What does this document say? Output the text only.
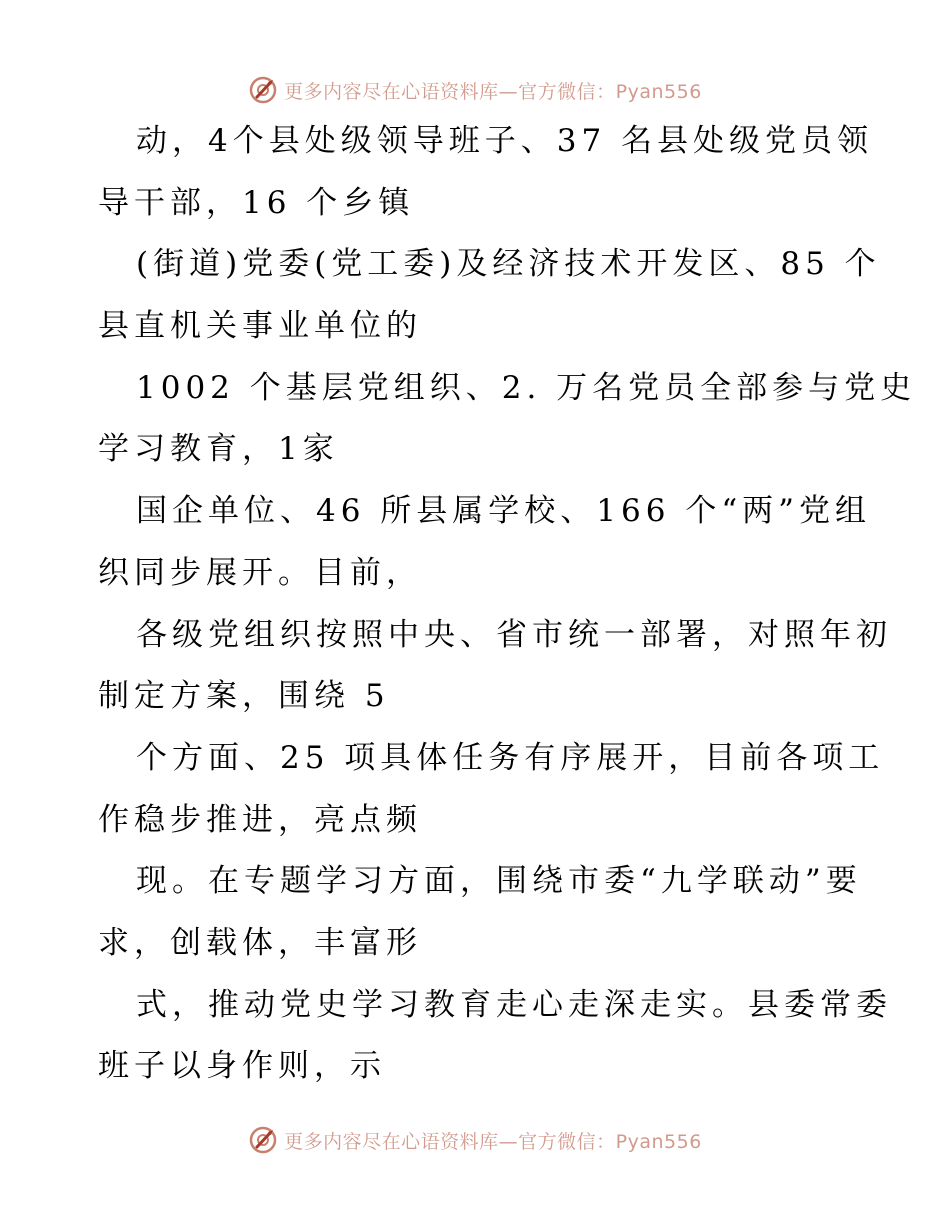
更多内容尽在心语资料库—官方微信：Pyan556
动，4个县处级领导班子、37 名县处级党员领
导干部，16 个乡镇
(街道)党委(党工委)及经济技术开发区、85 个
县直机关事业单位的
1002 个基层党组织、2. 万名党员全部参与党史
学习教育，1家
国企单位、46 所县属学校、166 个“两”党组
织同步展开。目前，
各级党组织按照中央、省市统一部署，对照年初
制定方案，围绕 5
个方面、25 项具体任务有序展开，目前各项工
作稳步推进，亮点频
现。在专题学习方面，围绕市委“九学联动”要
求，创载体，丰富形
式，推动党史学习教育走心走深走实。县委常委
班子以身作则，示
更多内容尽在心语资料库—官方微信：Pyan556
